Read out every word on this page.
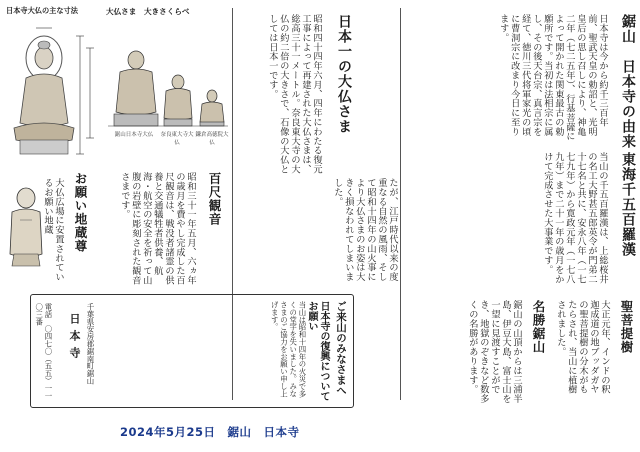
日本寺大仏の主な寸法	大仏さま　大きさくらべ
鋸山日本寺大仏	奈良東大寺大仏
鎌倉高徳院大仏
百尺観音
昭和三十一年五月、六ヵ年の歳月を費やし完成した百尺観音は、戦没者諸霊の供養と交通犠牲者供養、航海・航空の安全を祈って山腹の岩壁に彫刻された観音さまです。
お願い地蔵尊
大仏広場に安置されているお願い地蔵
ご来山のみなさまへ
日本寺の復興についてお願い
当山は昭和十四年の火災で多くの堂宇を失いました。みなさまのご協力をお願い申し上げます。
千葉県安房郡鋸南町鋸山
日本寺
電話　〇四七〇（五五）一一〇三番
日本一の大仏さま
昭和四十四年六月、四年にわたる復元工事によって再建された大仏さまは、総高三十一メートル。奈良東大寺の大仏の約二倍の大きさで、石像の大仏としては日本一です。
たが、江戸時代以来の度重なる自然の風雨、そして昭和十四年の山火事により大仏さまのお姿は大きく損なわれてしまいました。
鋸山　日本寺の由来
日本寺は今から約千三百年前、聖武天皇の勅詔と、光明皇后の思し召しにより、神亀二年（七二五年）、行基菩薩によって開かれた関東最古の勅願所です。当初は法相宗に属し、その後天台宗、真言宗を経て、徳川三代将軍家光の頃に曹洞宗に改まり今日に至ります。
東海千五百羅漢
当山の千五百羅漢は、上総桜井の名工大野甚五郎英令が門弟二十七名と共に、安永八年（一七七九年）から寛政元年（一七八九年）まで二十一年の歳月をかけて完成させた大事業です。
聖菩提樹
大正元年、インドの釈迦成道の地ブッダガヤの聖菩提樹の分木がもたらされ、当山に植樹されました。
名勝鋸山
鋸山の山頂からは三浦半島、伊豆大島、富士山を一望に見渡すことができ、地獄のぞきなど数多くの名勝があります。
2024年5月25日　鋸山　日本寺
